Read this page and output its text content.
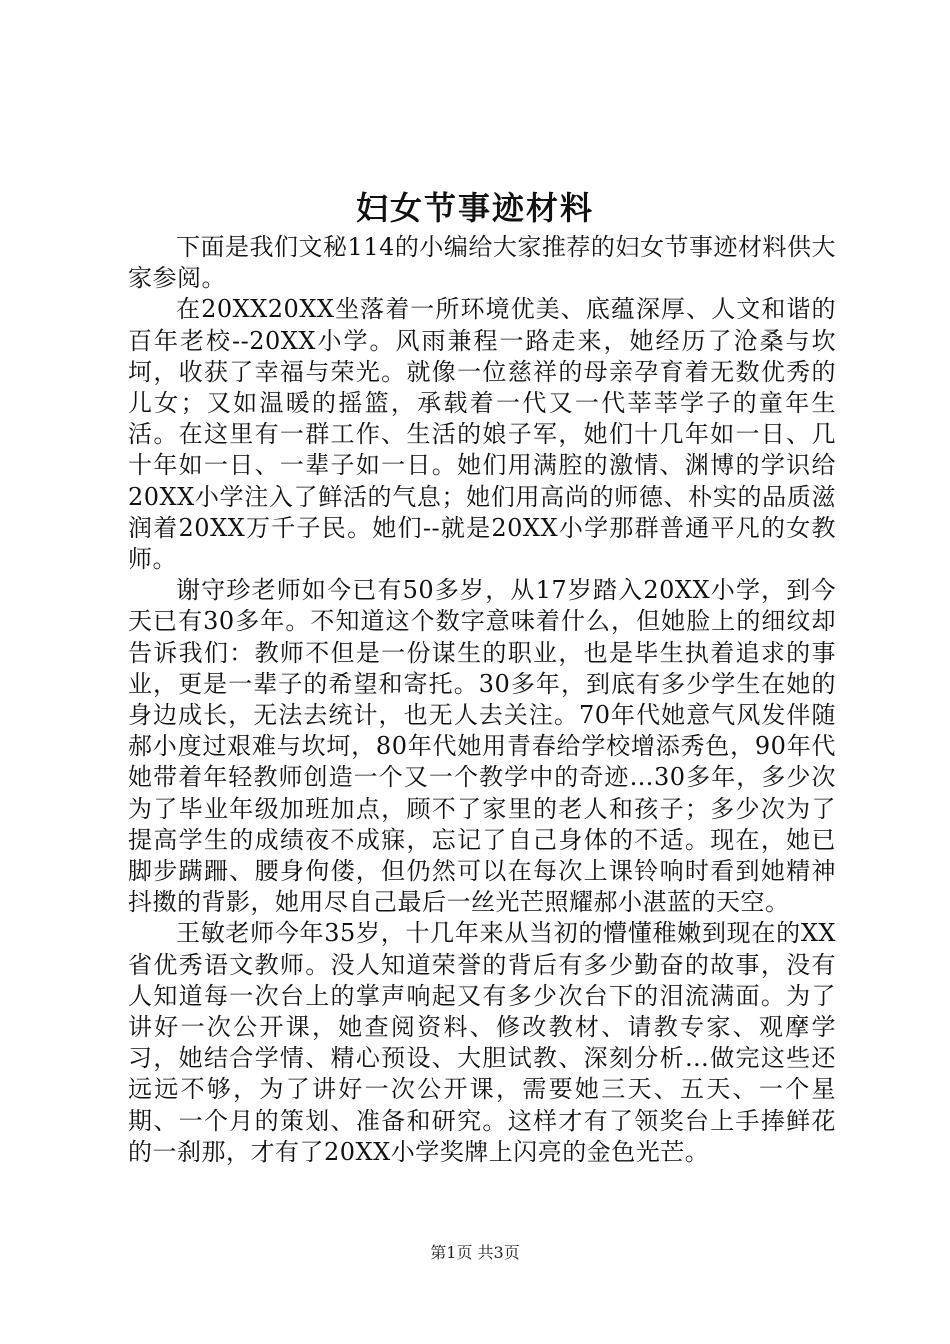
妇女节事迹材料

下面是我们文秘114的小编给大家推荐的妇女节事迹材料供大家参阅。

在20XX20XX坐落着一所环境优美、底蕴深厚、人文和谐的百年老校--20XX小学。风雨兼程一路走来，她经历了沧桑与坎坷，收获了幸福与荣光。就像一位慈祥的母亲孕育着无数优秀的儿女；又如温暖的摇篮，承载着一代又一代莘莘学子的童年生活。在这里有一群工作、生活的娘子军，她们十几年如一日、几十年如一日、一辈子如一日。她们用满腔的激情、渊博的学识给20XX小学注入了鲜活的气息；她们用高尚的师德、朴实的品质滋润着20XX万千子民。她们--就是20XX小学那群普通平凡的女教师。

谢守珍老师如今已有50多岁，从17岁踏入20XX小学，到今天已有30多年。不知道这个数字意味着什么，但她脸上的细纹却告诉我们：教师不但是一份谋生的职业，也是毕生执着追求的事业，更是一辈子的希望和寄托。30多年，到底有多少学生在她的身边成长，无法去统计，也无人去关注。70年代她意气风发伴随郝小度过艰难与坎坷，80年代她用青春给学校增添秀色，90年代她带着年轻教师创造一个又一个教学中的奇迹…30多年，多少次为了毕业年级加班加点，顾不了家里的老人和孩子；多少次为了提高学生的成绩夜不成寐，忘记了自己身体的不适。现在，她已脚步蹒跚、腰身佝偻，但仍然可以在每次上课铃响时看到她精神抖擞的背影，她用尽自己最后一丝光芒照耀郝小湛蓝的天空。

王敏老师今年35岁，十几年来从当初的懵懂稚嫩到现在的XX省优秀语文教师。没人知道荣誉的背后有多少勤奋的故事，没有人知道每一次台上的掌声响起又有多少次台下的泪流满面。为了讲好一次公开课，她查阅资料、修改教材、请教专家、观摩学习，她结合学情、精心预设、大胆试教、深刻分析…做完这些还远远不够，为了讲好一次公开课，需要她三天、五天、一个星期、一个月的策划、准备和研究。这样才有了领奖台上手捧鲜花的一刹那，才有了20XX小学奖牌上闪亮的金色光芒。

第1页 共3页
